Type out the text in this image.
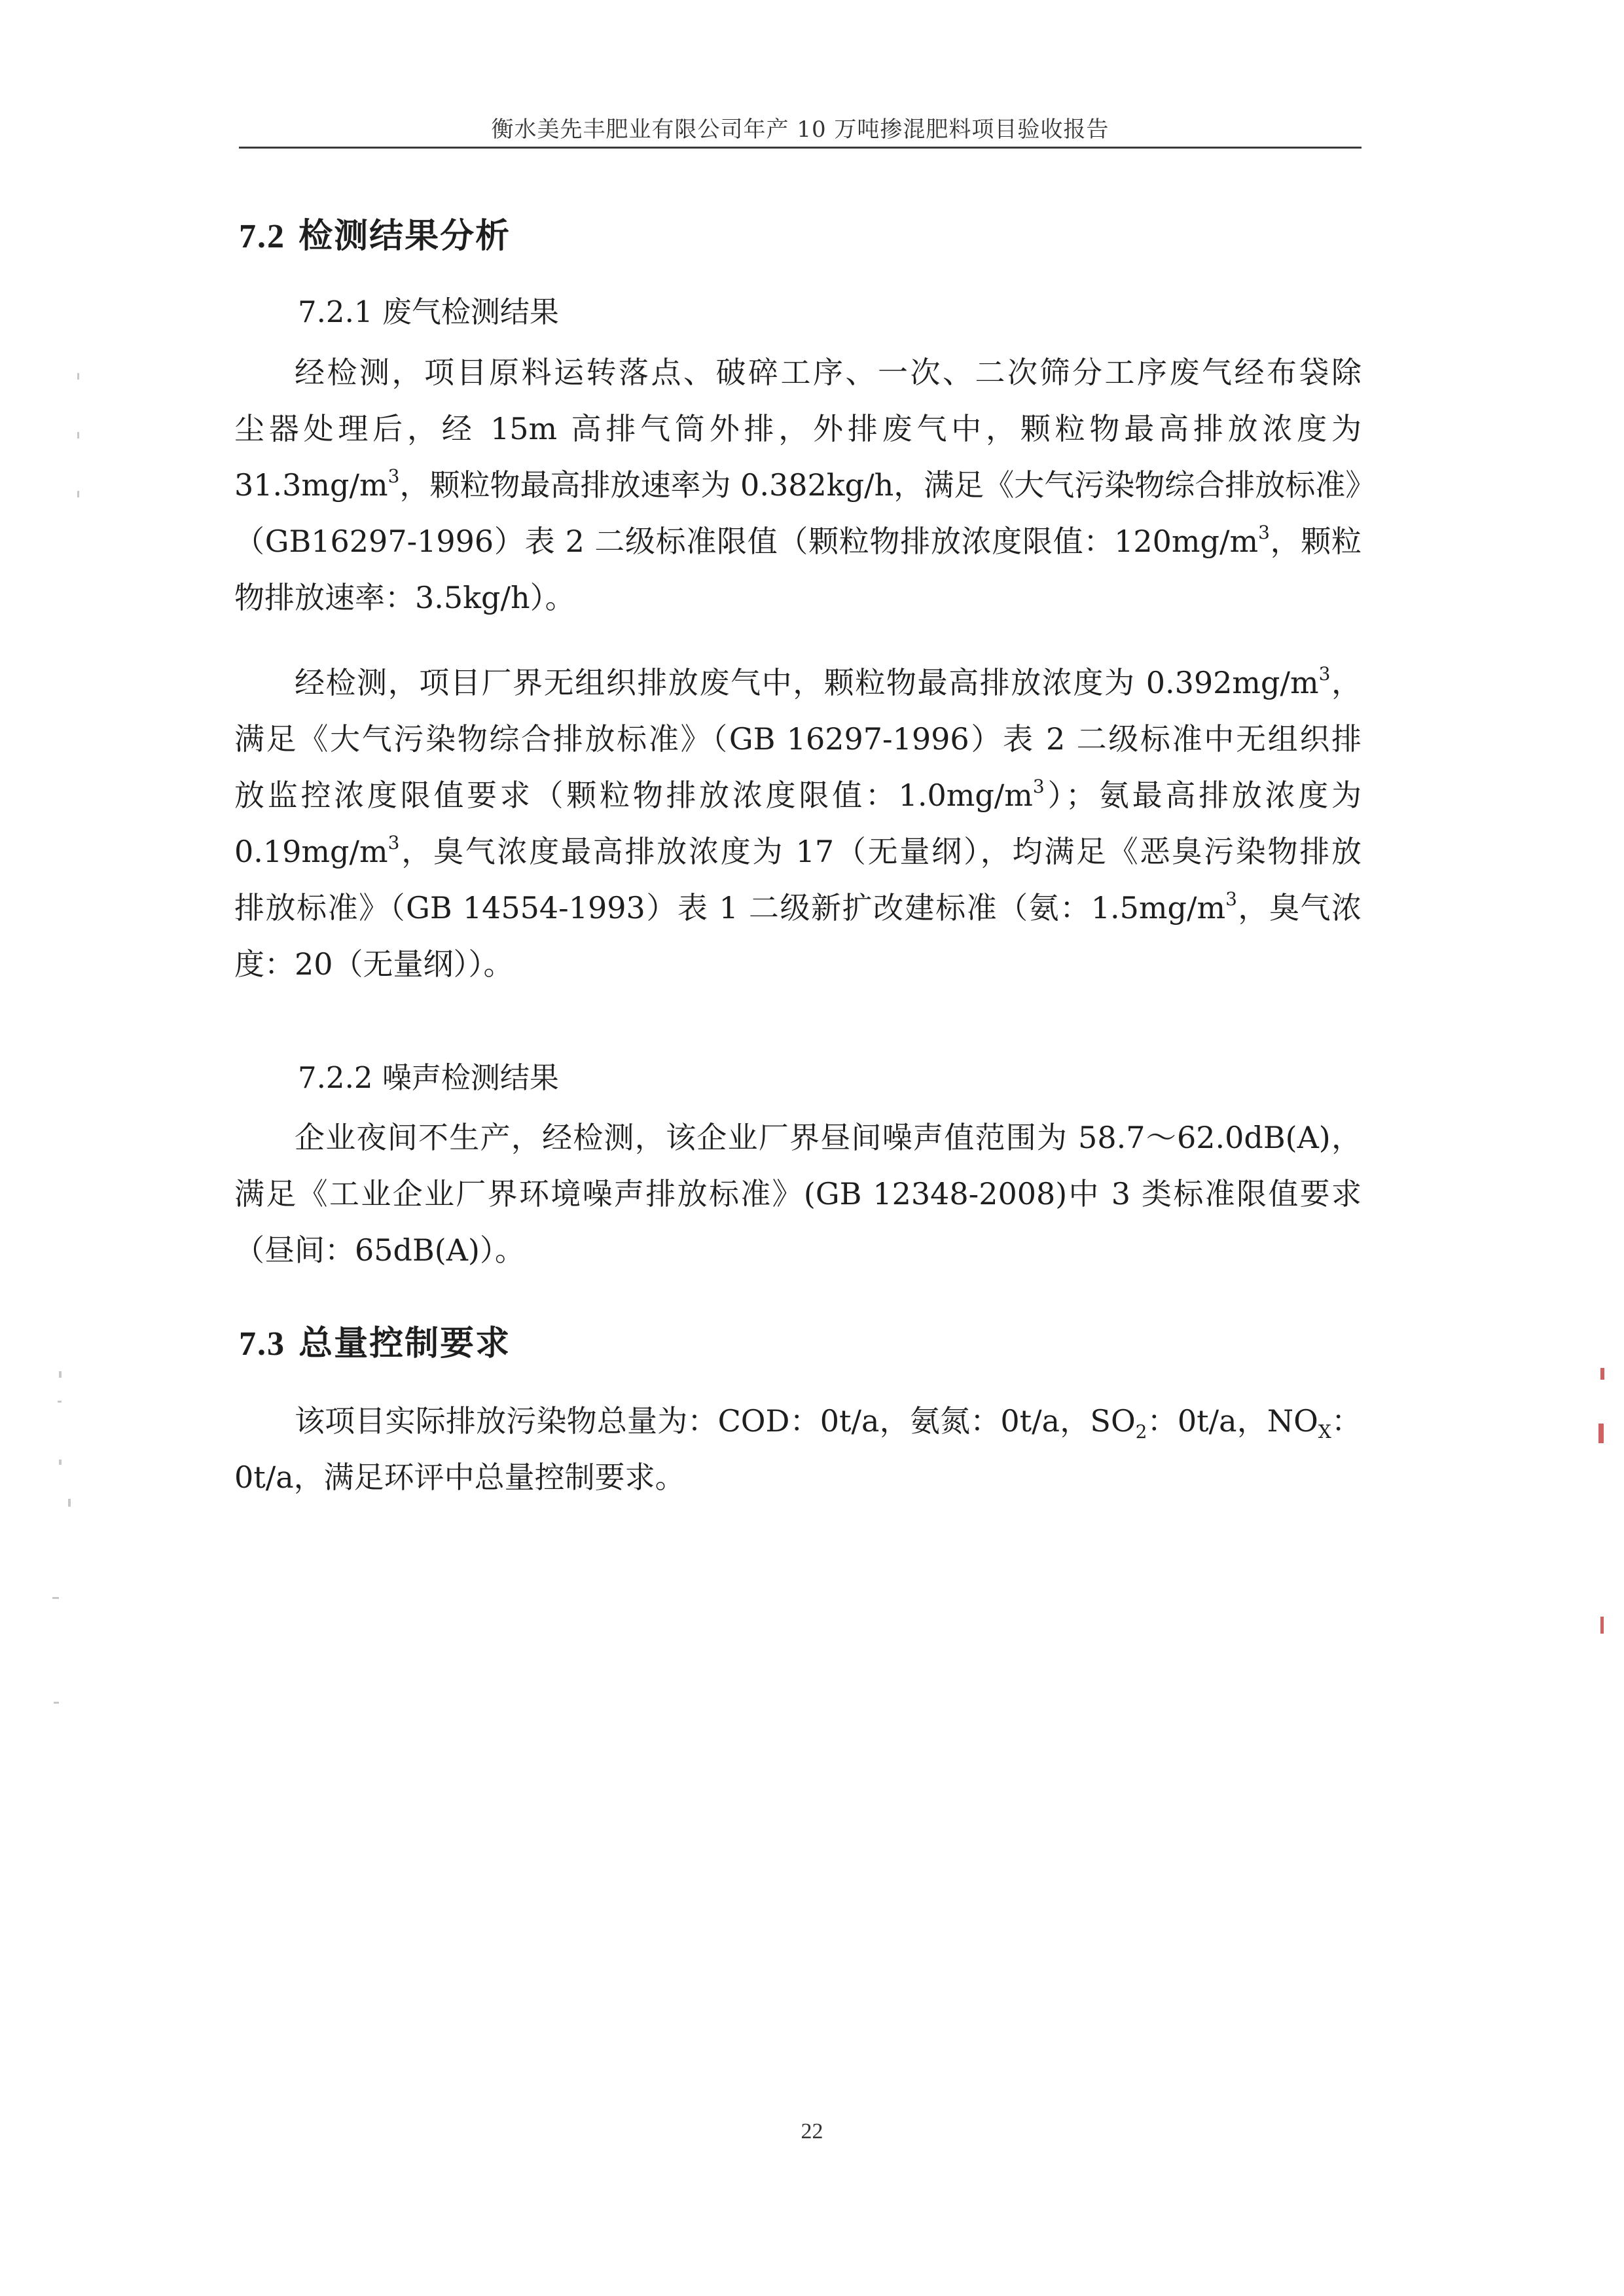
衡水美先丰肥业有限公司年产 10 万吨掺混肥料项目验收报告
7.2 检测结果分析
7.2.1 废气检测结果
经检测，项目原料运转落点、破碎工序、一次、二次筛分工序废气经布袋除
尘器处理后，经 15m 高排气筒外排，外排废气中，颗粒物最高排放浓度为
$31.3mg/m^3$，颗粒物最高排放速率为 0.382kg/h，满足《大气污染物综合排放标准》
（GB16297-1996）表 2 二级标准限值（颗粒物排放浓度限值：$120mg/m^3$，颗粒
物排放速率：3.5kg/h）。
经检测，项目厂界无组织排放废气中，颗粒物最高排放浓度为 $0.392mg/m^3$，
满足《大气污染物综合排放标准》（GB 16297-1996）表 2 二级标准中无组织排
放监控浓度限值要求（颗粒物排放浓度限值：$1.0mg/m^3$）；氨最高排放浓度为
$0.19mg/m^3$，臭气浓度最高排放浓度为 17（无量纲），均满足《恶臭污染物排放
排放标准》（GB 14554-1993）表 1 二级新扩改建标准（氨：$1.5mg/m^3$，臭气浓
度：20（无量纲））。
7.2.2 噪声检测结果
企业夜间不生产，经检测，该企业厂界昼间噪声值范围为 58.7～62.0dB(A)，
满足《工业企业厂界环境噪声排放标准》(GB 12348-2008)中 3 类标准限值要求
（昼间：65dB(A)）。
7.3 总量控制要求
该项目实际排放污染物总量为：COD：0t/a，氨氮：0t/a，$SO_2$：0t/a，$NO_X$：
0t/a，满足环评中总量控制要求。
22
